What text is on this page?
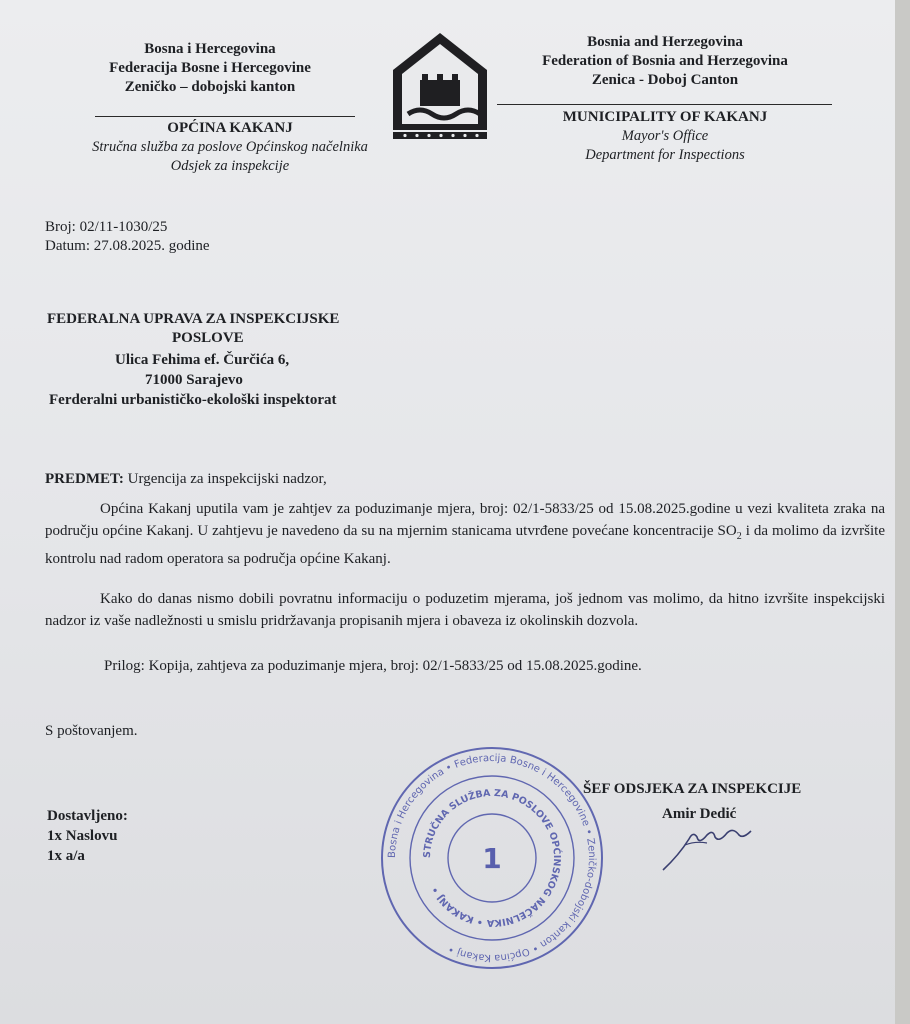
Bosna i Hercegovina
Federacija Bosne i Hercegovine
Zeničko – dobojski kanton
OPĆINA KAKANJ
Stručna služba za poslove Općinskog načelnika
Odsjek za inspekcije
Bosnia and Herzegovina
Federation of Bosnia and Herzegovina
Zenica - Doboj Canton
MUNICIPALITY OF KAKANJ
Mayor's Office
Department for Inspections
Broj: 02/11-1030/25
Datum: 27.08.2025. godine
FEDERALNA UPRAVA ZA INSPEKCIJSKE
POSLOVE
Ulica Fehima ef. Čurčića 6,
71000 Sarajevo
Ferderalni urbanističko-ekološki inspektorat
PREDMET: Urgencija za inspekcijski nadzor,
Općina Kakanj uputila vam je zahtjev za poduzimanje mjera, broj: 02/1-5833/25 od 15.08.2025.godine u vezi kvaliteta zraka na području općine Kakanj. U zahtjevu je navedeno da su na mjernim stanicama utvrđene povećane koncentracije $SO_2$ i da molimo da izvršite kontrolu nad radom operatora sa područja općine Kakanj.
Kako do danas nismo dobili povratnu informaciju o poduzetim mjerama, još jednom vas molimo, da hitno izvršite inspekcijski nadzor iz vaše nadležnosti u smislu pridržavanja propisanih mjera i obaveza iz okolinskih dozvola.
Prilog: Kopija, zahtjeva za poduzimanje mjera, broj: 02/1-5833/25 od 15.08.2025.godine.
S poštovanjem.
Dostavljeno:
1x Naslovu
1x a/a
ŠEF ODSJEKA ZA INSPEKCIJE
Amir Dedić
Bosna i Hercegovina • Federacija Bosne i Hercegovine • Zeničko-dobojski kanton • Općina Kakanj •
STRUČNA SLUŽBA ZA POSLOVE OPĆINSKOG NAČELNIKA • KAKANJ •
1
